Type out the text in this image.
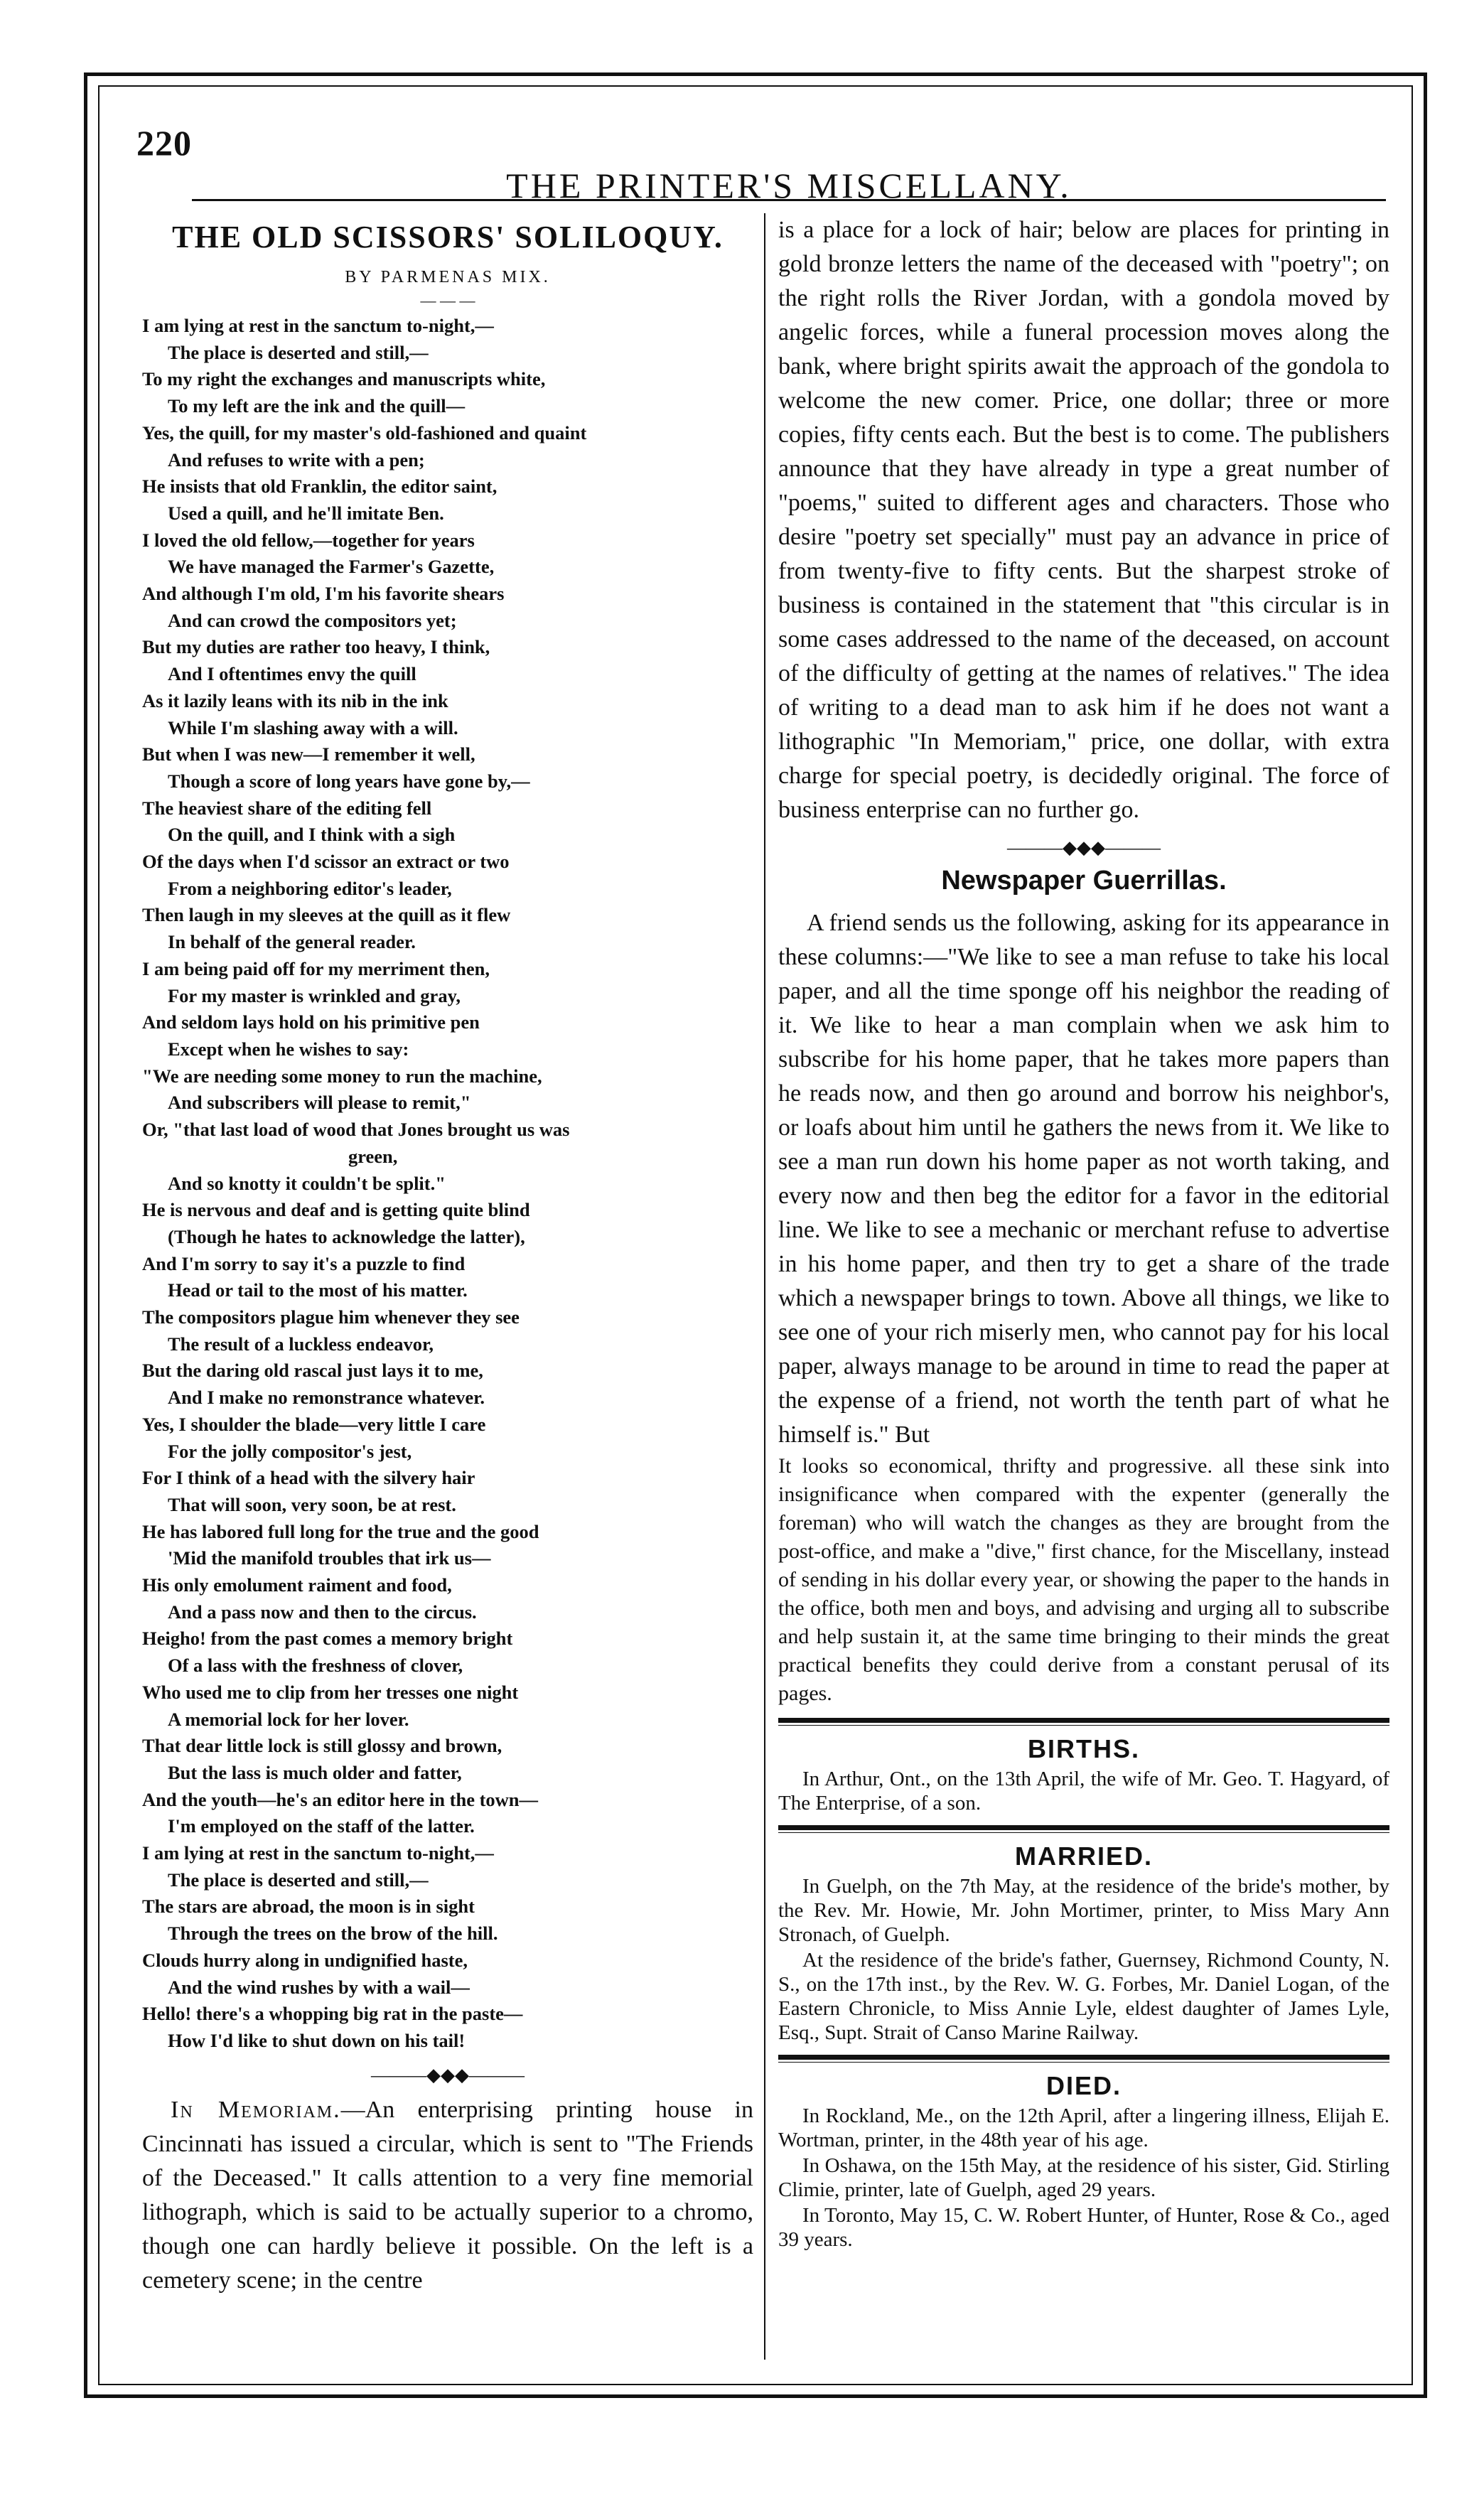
220
THE PRINTER'S MISCELLANY.
THE OLD SCISSORS' SOLILOQUY.
BY PARMENAS MIX.
— — —
I am lying at rest in the sanctum to-night,—
The place is deserted and still,—
To my right the exchanges and manuscripts white,
To my left are the ink and the quill—
Yes, the quill, for my master's old-fashioned and quaint
And refuses to write with a pen;
He insists that old Franklin, the editor saint,
Used a quill, and he'll imitate Ben.
I loved the old fellow,—together for years
We have managed the Farmer's Gazette,
And although I'm old, I'm his favorite shears
And can crowd the compositors yet;
But my duties are rather too heavy, I think,
And I oftentimes envy the quill
As it lazily leans with its nib in the ink
While I'm slashing away with a will.
But when I was new—I remember it well,
Though a score of long years have gone by,—
The heaviest share of the editing fell
On the quill, and I think with a sigh
Of the days when I'd scissor an extract or two
From a neighboring editor's leader,
Then laugh in my sleeves at the quill as it flew
In behalf of the general reader.
I am being paid off for my merriment then,
For my master is wrinkled and gray,
And seldom lays hold on his primitive pen
Except when he wishes to say:
"We are needing some money to run the machine,
And subscribers will please to remit,"
Or, "that last load of wood that Jones brought us was
green,
And so knotty it couldn't be split."
He is nervous and deaf and is getting quite blind
(Though he hates to acknowledge the latter),
And I'm sorry to say it's a puzzle to find
Head or tail to the most of his matter.
The compositors plague him whenever they see
The result of a luckless endeavor,
But the daring old rascal just lays it to me,
And I make no remonstrance whatever.
Yes, I shoulder the blade—very little I care
For the jolly compositor's jest,
For I think of a head with the silvery hair
That will soon, very soon, be at rest.
He has labored full long for the true and the good
'Mid the manifold troubles that irk us—
His only emolument raiment and food,
And a pass now and then to the circus.
Heigho! from the past comes a memory bright
Of a lass with the freshness of clover,
Who used me to clip from her tresses one night
A memorial lock for her lover.
That dear little lock is still glossy and brown,
But the lass is much older and fatter,
And the youth—he's an editor here in the town—
I'm employed on the staff of the latter.
I am lying at rest in the sanctum to-night,—
The place is deserted and still,—
The stars are abroad, the moon is in sight
Through the trees on the brow of the hill.
Clouds hurry along in undignified haste,
And the wind rushes by with a wail—
Hello! there's a whopping big rat in the paste—
How I'd like to shut down on his tail!
———◆◆◆———

In Memoriam.—An enterprising printing house in Cincinnati has issued a circular, which is sent to "The Friends of the Deceased." It calls attention to a very fine memorial lithograph, which is said to be actually superior to a chromo, though one can hardly believe it possible. On the left is a cemetery scene; in the centre

is a place for a lock of hair; below are places for printing in gold bronze letters the name of the deceased with "poetry"; on the right rolls the River Jordan, with a gondola moved by angelic forces, while a funeral procession moves along the bank, where bright spirits await the approach of the gondola to welcome the new comer. Price, one dollar; three or more copies, fifty cents each. But the best is to come. The publishers announce that they have already in type a great number of "poems," suited to different ages and characters. Those who desire "poetry set specially" must pay an advance in price of from twenty-five to fifty cents. But the sharpest stroke of business is contained in the statement that "this circular is in some cases addressed to the name of the deceased, on account of the difficulty of getting at the names of relatives." The idea of writing to a dead man to ask him if he does not want a lithographic "In Memoriam," price, one dollar, with extra charge for special poetry, is decidedly original. The force of business enterprise can no further go.

———◆◆◆———
Newspaper Guerrillas.

A friend sends us the following, asking for its appearance in these columns:—"We like to see a man refuse to take his local paper, and all the time sponge off his neighbor the reading of it. We like to hear a man complain when we ask him to subscribe for his home paper, that he takes more papers than he reads now, and then go around and borrow his neighbor's, or loafs about him until he gathers the news from it. We like to see a man run down his home paper as not worth taking, and every now and then beg the editor for a favor in the editorial line. We like to see a mechanic or merchant refuse to advertise in his home paper, and then try to get a share of the trade which a newspaper brings to town. Above all things, we like to see one of your rich miserly men, who cannot pay for his local paper, always manage to be around in time to read the paper at the expense of a friend, not worth the tenth part of what he himself is." But

It looks so economical, thrifty and progressive. all these sink into insignificance when compared with the expenter (generally the foreman) who will watch the changes as they are brought from the post-office, and make a "dive," first chance, for the Miscellany, instead of sending in his dollar every year, or showing the paper to the hands in the office, both men and boys, and advising and urging all to subscribe and help sustain it, at the same time bringing to their minds the great practical benefits they could derive from a constant perusal of its pages.

BIRTHS.

In Arthur, Ont., on the 13th April, the wife of Mr. Geo. T. Hagyard, of The Enterprise, of a son.

MARRIED.

In Guelph, on the 7th May, at the residence of the bride's mother, by the Rev. Mr. Howie, Mr. John Mortimer, printer, to Miss Mary Ann Stronach, of Guelph.

At the residence of the bride's father, Guernsey, Richmond County, N. S., on the 17th inst., by the Rev. W. G. Forbes, Mr. Daniel Logan, of the Eastern Chronicle, to Miss Annie Lyle, eldest daughter of James Lyle, Esq., Supt. Strait of Canso Marine Railway.

DIED.

In Rockland, Me., on the 12th April, after a lingering illness, Elijah E. Wortman, printer, in the 48th year of his age.

In Oshawa, on the 15th May, at the residence of his sister, Gid. Stirling Climie, printer, late of Guelph, aged 29 years.

In Toronto, May 15, C. W. Robert Hunter, of Hunter, Rose & Co., aged 39 years.
